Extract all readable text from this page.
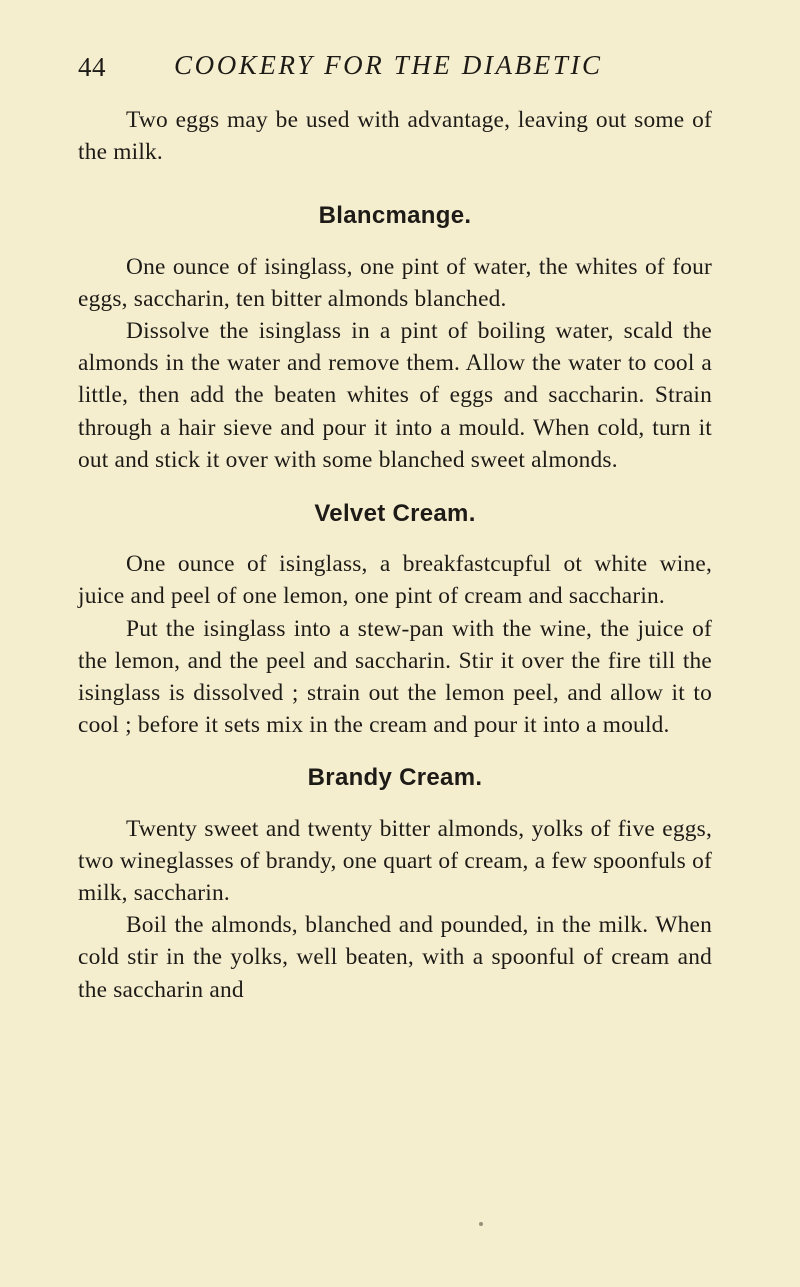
44	COOKERY FOR THE DIABETIC

Two eggs may be used with advantage, leaving out some of the milk.

Blancmange.

One ounce of isinglass, one pint of water, the whites of four eggs, saccharin, ten bitter almonds blanched.

Dissolve the isinglass in a pint of boiling water, scald the almonds in the water and remove them. Allow the water to cool a little, then add the beaten whites of eggs and saccharin. Strain through a hair sieve and pour it into a mould. When cold, turn it out and stick it over with some blanched sweet almonds.

Velvet Cream.

One ounce of isinglass, a breakfastcupful ot white wine, juice and peel of one lemon, one pint of cream and saccharin.

Put the isinglass into a stew-pan with the wine, the juice of the lemon, and the peel and saccharin. Stir it over the fire till the isinglass is dissolved ; strain out the lemon peel, and allow it to cool ; before it sets mix in the cream and pour it into a mould.

Brandy Cream.

Twenty sweet and twenty bitter almonds, yolks of five eggs, two wineglasses of brandy, one quart of cream, a few spoonfuls of milk, saccharin.

Boil the almonds, blanched and pounded, in the milk. When cold stir in the yolks, well beaten, with a spoonful of cream and the saccharin and
